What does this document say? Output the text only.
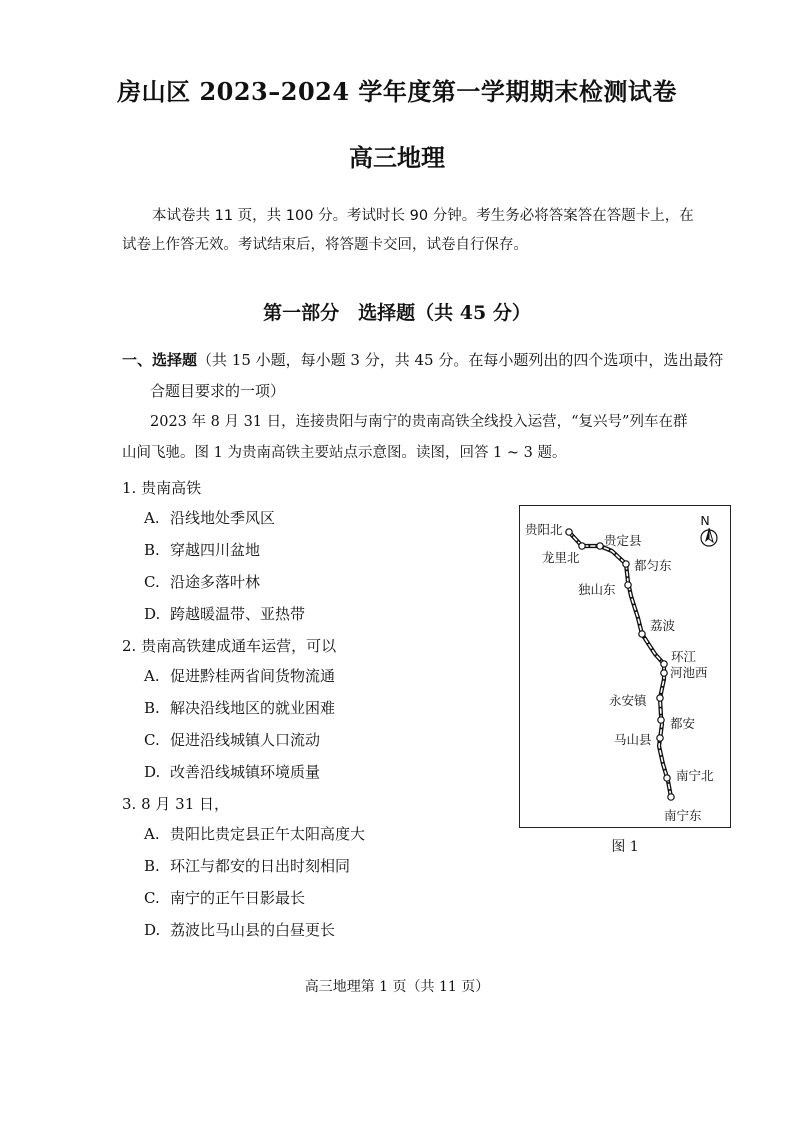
房山区 2023–2024 学年度第一学期期末检测试卷
高三地理
本试卷共 11 页，共 100 分。考试时长 90 分钟。考生务必将答案答在答题卡上，在
试卷上作答无效。考试结束后，将答题卡交回，试卷自行保存。
第一部分　选择题（共 45 分）
一、选择题（共 15 小题，每小题 3 分，共 45 分。在每小题列出的四个选项中，选出最符
合题目要求的一项）
2023 年 8 月 31 日，连接贵阳与南宁的贵南高铁全线投入运营，“复兴号”列车在群
山间飞驰。图 1 为贵南高铁主要站点示意图。读图，回答 1 ~ 3 题。
1. 贵南高铁
A. 沿线地处季风区
B. 穿越四川盆地
C. 沿途多落叶林
D. 跨越暖温带、亚热带
2. 贵南高铁建成通车运营，可以
A. 促进黔桂两省间货物流通
B. 解决沿线地区的就业困难
C. 促进沿线城镇人口流动
D. 改善沿线城镇环境质量
3. 8 月 31 日，
A. 贵阳比贵定县正午太阳高度大
B. 环江与都安的日出时刻相同
C. 南宁的正午日影最长
D. 荔波比马山县的白昼更长
N
贵阳北
龙里北
贵定县
都匀东
独山东
荔波
环江
河池西
永安镇
都安
马山县
南宁北
南宁东
图 1
高三地理第 1 页（共 11 页）
